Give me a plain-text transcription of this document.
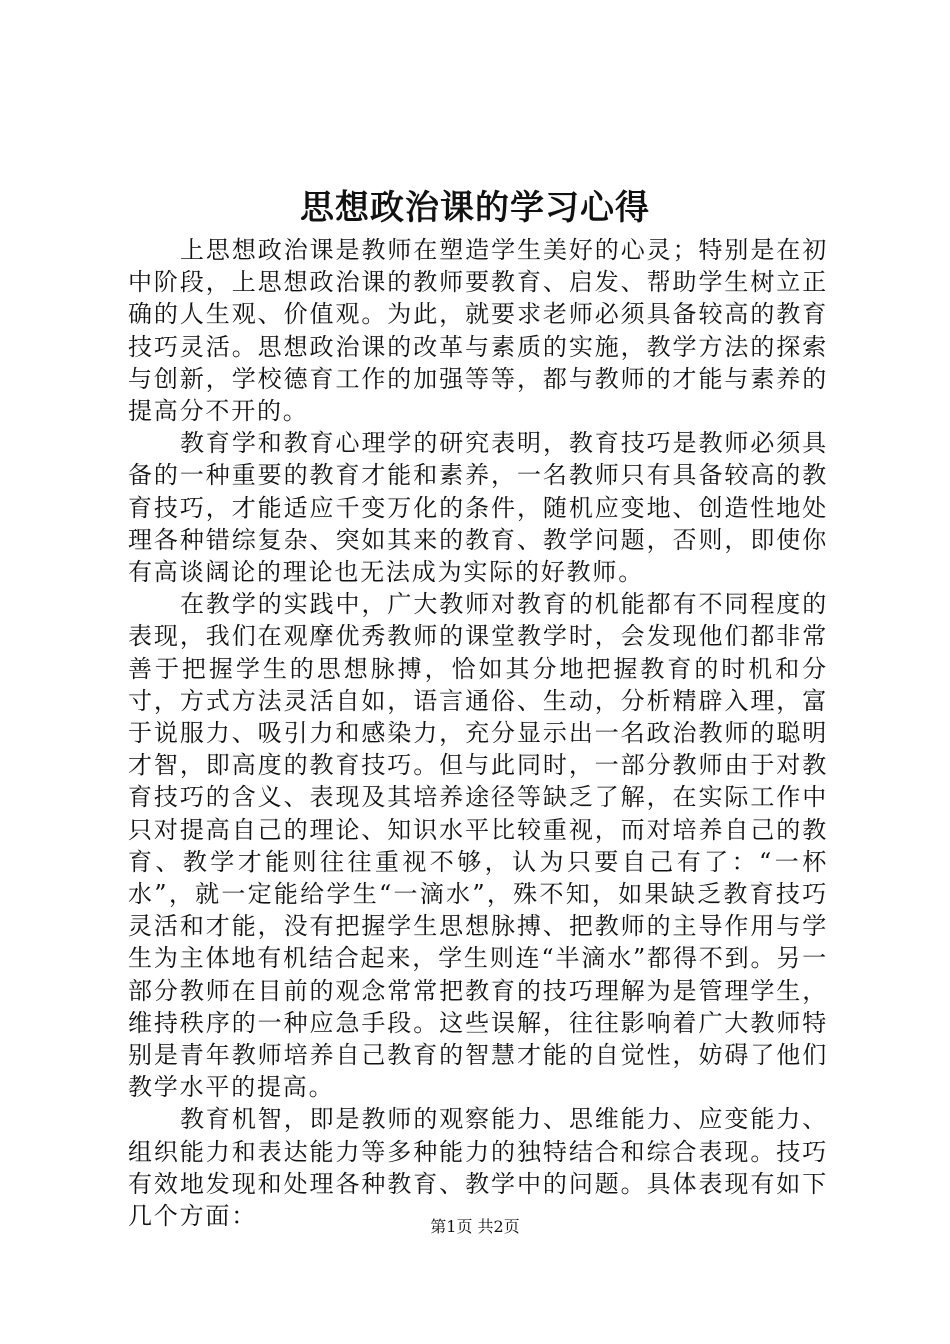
思想政治课的学习心得

上思想政治课是教师在塑造学生美好的心灵；特别是在初中阶段，上思想政治课的教师要教育、启发、帮助学生树立正确的人生观、价值观。为此，就要求老师必须具备较高的教育技巧灵活。思想政治课的改革与素质的实施，教学方法的探索与创新，学校德育工作的加强等等，都与教师的才能与素养的提高分不开的。

教育学和教育心理学的研究表明，教育技巧是教师必须具备的一种重要的教育才能和素养，一名教师只有具备较高的教育技巧，才能适应千变万化的条件，随机应变地、创造性地处理各种错综复杂、突如其来的教育、教学问题，否则，即使你有高谈阔论的理论也无法成为实际的好教师。

在教学的实践中，广大教师对教育的机能都有不同程度的表现，我们在观摩优秀教师的课堂教学时，会发现他们都非常善于把握学生的思想脉搏，恰如其分地把握教育的时机和分寸，方式方法灵活自如，语言通俗、生动，分析精辟入理，富于说服力、吸引力和感染力，充分显示出一名政治教师的聪明才智，即高度的教育技巧。但与此同时，一部分教师由于对教育技巧的含义、表现及其培养途径等缺乏了解，在实际工作中只对提高自己的理论、知识水平比较重视，而对培养自己的教育、教学才能则往往重视不够，认为只要自己有了：“一杯水”，就一定能给学生“一滴水”，殊不知，如果缺乏教育技巧灵活和才能，没有把握学生思想脉搏、把教师的主导作用与学生为主体地有机结合起来，学生则连“半滴水”都得不到。另一部分教师在目前的观念常常把教育的技巧理解为是管理学生，维持秩序的一种应急手段。这些误解，往往影响着广大教师特别是青年教师培养自己教育的智慧才能的自觉性，妨碍了他们教学水平的提高。

教育机智，即是教师的观察能力、思维能力、应变能力、组织能力和表达能力等多种能力的独特结合和综合表现。技巧有效地发现和处理各种教育、教学中的问题。具体表现有如下几个方面：	第1页 共2页
